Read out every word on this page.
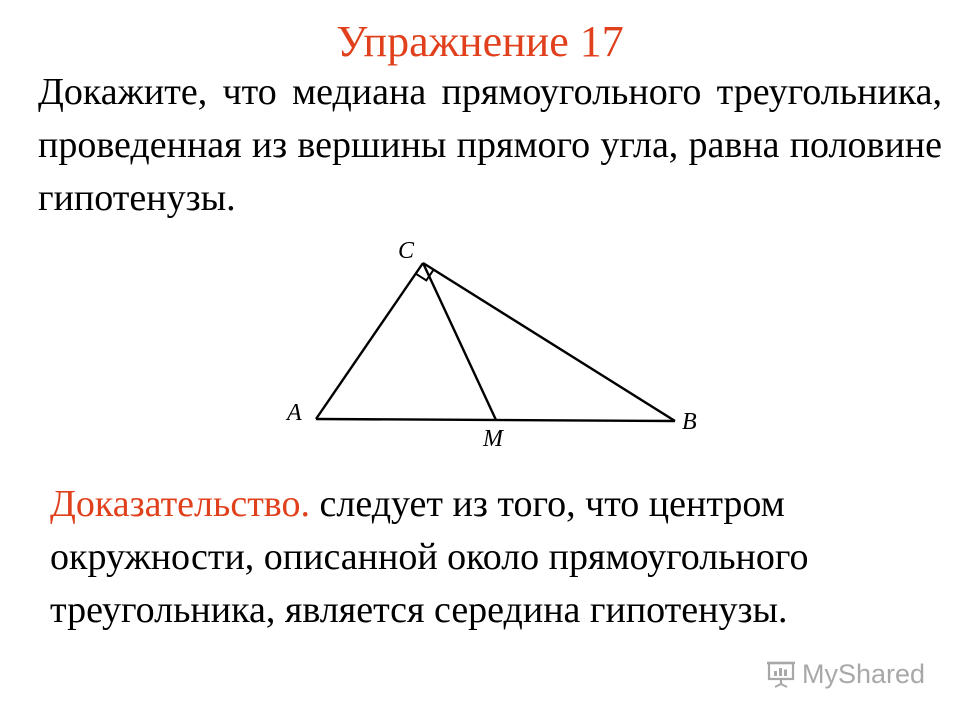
Упражнение 17
Докажите, что медиана прямоугольного треугольника, проведенная из вершины прямого угла, равна половине гипотенузы.
C
A	B
M
Доказательство. следует из того, что центром окружности, описанной около прямоугольного треугольника, является середина гипотенузы.
MyShared
